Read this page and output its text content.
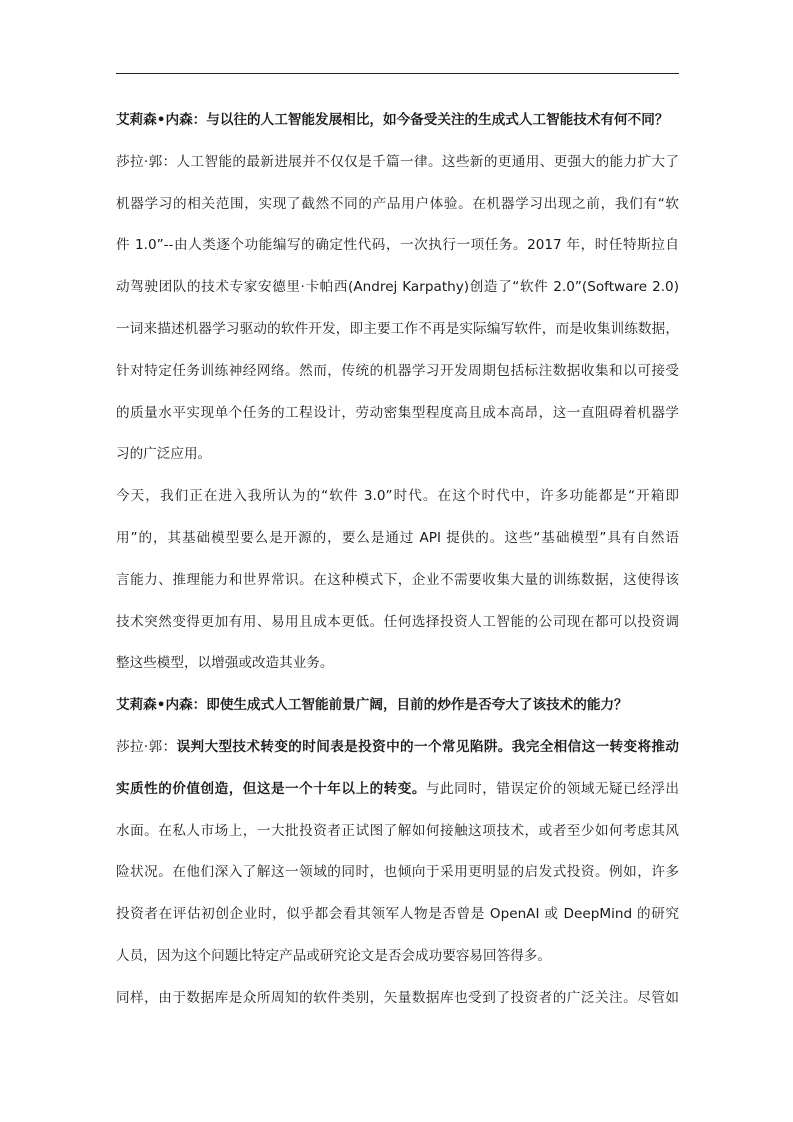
艾莉森•内森：与以往的人工智能发展相比，如今备受关注的生成式人工智能技术有何不同？
莎拉·郭：人工智能的最新进展并不仅仅是千篇一律。这些新的更通用、更强大的能力扩大了
机器学习的相关范围，实现了截然不同的产品用户体验。在机器学习出现之前，我们有“软
件 1.0”--由人类逐个功能编写的确定性代码，一次执行一项任务。2017 年，时任特斯拉自
动驾驶团队的技术专家安德里·卡帕西(Andrej Karpathy)创造了“软件 2.0”(Software 2.0)
一词来描述机器学习驱动的软件开发，即主要工作不再是实际编写软件，而是收集训练数据，
针对特定任务训练神经网络。然而，传统的机器学习开发周期包括标注数据收集和以可接受
的质量水平实现单个任务的工程设计，劳动密集型程度高且成本高昂，这一直阻碍着机器学
习的广泛应用。
今天，我们正在进入我所认为的“软件 3.0”时代。在这个时代中，许多功能都是“开箱即
用”的，其基础模型要么是开源的，要么是通过 API 提供的。这些“基础模型”具有自然语
言能力、推理能力和世界常识。在这种模式下，企业不需要收集大量的训练数据，这使得该
技术突然变得更加有用、易用且成本更低。任何选择投资人工智能的公司现在都可以投资调
整这些模型，以增强或改造其业务。
艾莉森•内森：即使生成式人工智能前景广阔，目前的炒作是否夸大了该技术的能力？
莎拉·郭：误判大型技术转变的时间表是投资中的一个常见陷阱。我完全相信这一转变将推动
实质性的价值创造，但这是一个十年以上的转变。与此同时，错误定价的领域无疑已经浮出
水面。在私人市场上，一大批投资者正试图了解如何接触这项技术，或者至少如何考虑其风
险状况。在他们深入了解这一领域的同时，也倾向于采用更明显的启发式投资。例如，许多
投资者在评估初创企业时，似乎都会看其领军人物是否曾是 OpenAI 或 DeepMind 的研究
人员，因为这个问题比特定产品或研究论文是否会成功要容易回答得多。
同样，由于数据库是众所周知的软件类别，矢量数据库也受到了投资者的广泛关注。尽管如
